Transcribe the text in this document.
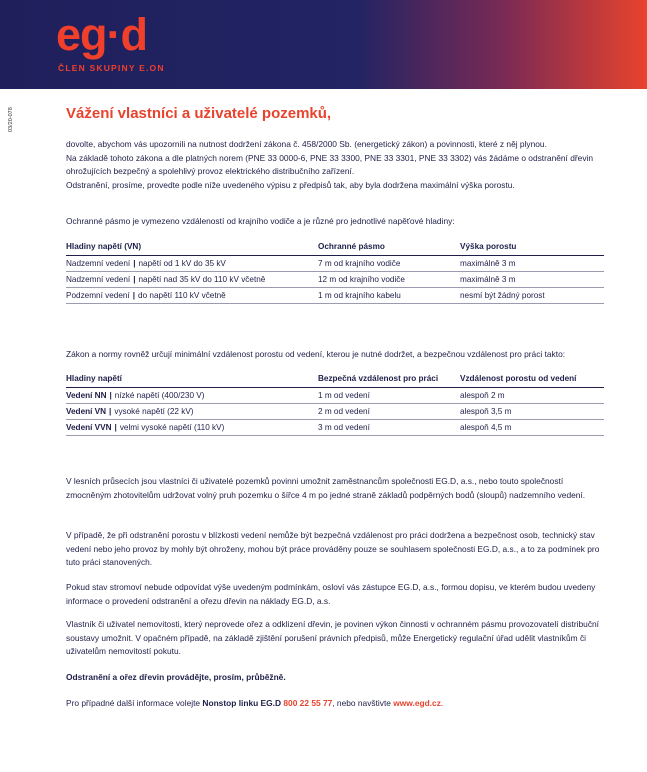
eg·d
ČLEN SKUPINY E.ON
03/20-078	Vážení vlastníci a uživatelé pozemků,

dovolte, abychom vás upozornili na nutnost dodržení zákona č. 458/2000 Sb. (energetický zákon) a povinnosti, které z něj plynou.

Na základě tohoto zákona a dle platných norem (PNE 33 0000-6, PNE 33 3300, PNE 33 3301, PNE 33 3302) vás žádáme o odstranění dřevin ohrožujících bezpečný a spolehlivý provoz elektrického distribučního zařízení.

Odstranění, prosíme, provedte podle níže uvedeného výpisu z předpisů tak, aby byla dodržena maximální výška porostu.

Ochranné pásmo je vymezeno vzdáleností od krajního vodiče a je různé pro jednotlivé napěťové hladiny:

Hladiny napětí (VN)	Ochranné pásmo	Výška porostu
Nadzemní vedení | napětí od 1 kV do 35 kV	7 m od krajního vodiče	maximálně 3 m
Nadzemní vedení | napětí nad 35 kV do 110 kV včetně	12 m od krajního vodiče	maximálně 3 m
Podzemní vedení | do napětí 110 kV včetně	1 m od krajního kabelu	nesmí být žádný porost

Zákon a normy rovněž určují minimální vzdálenost porostu od vedení, kterou je nutné dodržet, a bezpečnou vzdálenost pro práci takto:

Hladiny napětí	Bezpečná vzdálenost pro práci	Vzdálenost porostu od vedení
Vedení NN | nízké napětí (400/230 V)	1 m od vedení	alespoň 2 m
Vedení VN | vysoké napětí (22 kV)	2 m od vedení	alespoň 3,5 m
Vedení VVN | velmi vysoké napětí (110 kV)	3 m od vedení	alespoň 4,5 m

V lesních průsecích jsou vlastníci či uživatelé pozemků povinni umožnit zaměstnancům společnosti EG.D, a.s., nebo touto společností zmocněným zhotovitelům udržovat volný pruh pozemku o šířce 4 m po jedné straně základů podpěrných bodů (sloupů) nadzemního vedení.

V případě, že při odstranění porostu v blízkosti vedení nemůže být bezpečná vzdálenost pro práci dodržena a bezpečnost osob, technický stav vedení nebo jeho provoz by mohly být ohroženy, mohou být práce prováděny pouze se souhlasem společnosti EG.D, a.s., a to za podmínek pro tuto práci stanovených.

Pokud stav stromoví nebude odpovídat výše uvedeným podmínkám, osloví vás zástupce EG.D, a.s., formou dopisu, ve kterém budou uvedeny informace o provedení odstranění a ořezu dřevin na náklady EG.D, a.s.

Vlastník či uživatel nemovitosti, který neprovede ořez a odklizení dřevin, je povinen výkon činnosti v ochranném pásmu provozovatelí distribuční soustavy umožnit. V opačném případě, na základě zjištění porušení právních předpisů, může Energetický regulační úřad udělit vlastníkům či uživatelům nemovitostí pokutu.

Odstranění a ořez dřevin provádějte, prosím, průběžně.

Pro případné další informace volejte Nonstop linku EG.D 800 22 55 77, nebo navštivte www.egd.cz.
